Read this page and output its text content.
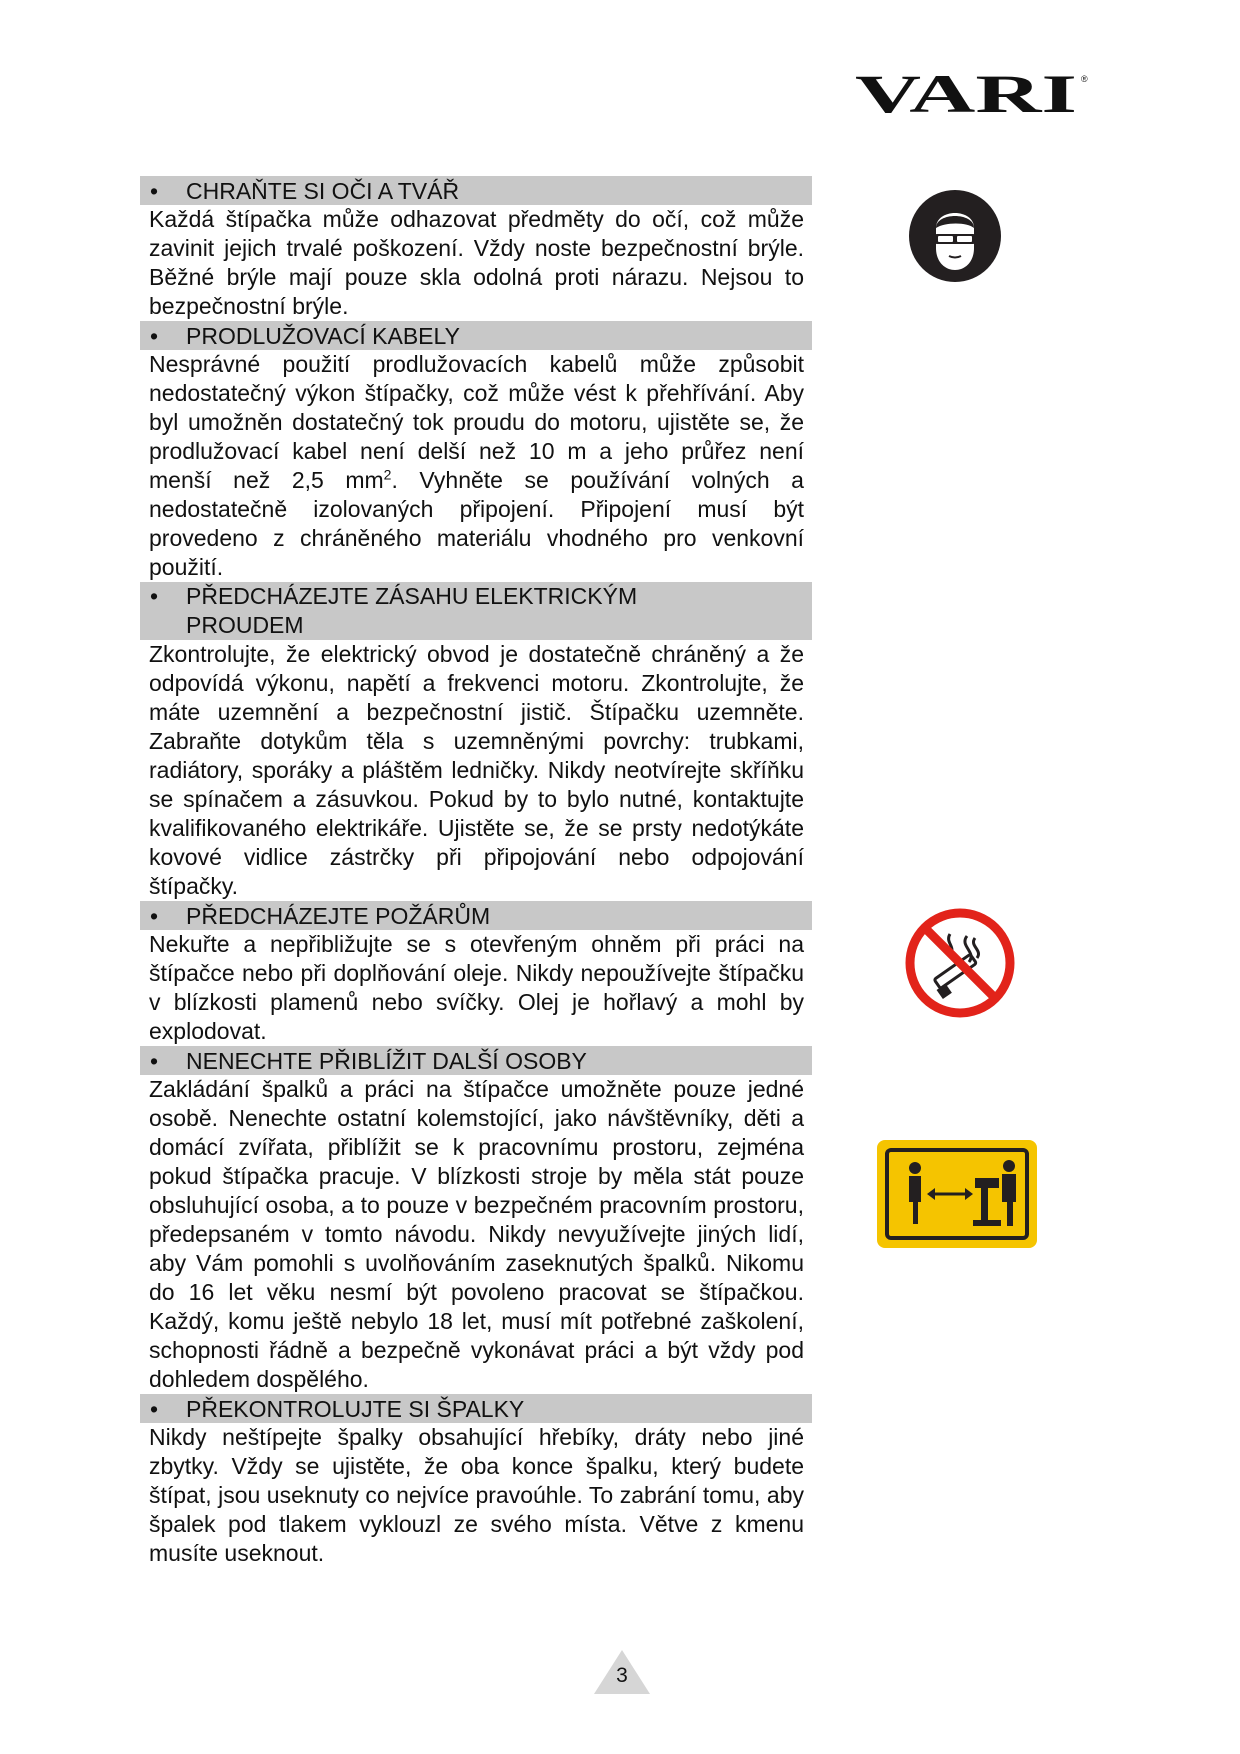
VARI ®
• CHRAŇTE SI OČI A TVÁŘ
Každá štípačka může odhazovat předměty do očí, což může zavinit jejich trvalé poškození. Vždy noste bezpečnostní brýle. Běžné brýle mají pouze skla odolná proti nárazu. Nejsou to bezpečnostní brýle.
• PRODLUŽOVACÍ KABELY
Nesprávné použití prodlužovacích kabelů může způsobit nedostatečný výkon štípačky, což může vést k přehřívání. Aby byl umožněn dostatečný tok proudu do motoru, ujistěte se, že prodlužovací kabel není delší než 10 m a jeho průřez není menší než 2,5 $mm^2$. Vyhněte se používání volných a nedostatečně izolovaných připojení. Připojení musí být provedeno z chráněného materiálu vhodného pro venkovní použití.
• PŘEDCHÁZEJTE ZÁSAHU ELEKTRICKÝM
PROUDEM
Zkontrolujte, že elektrický obvod je dostatečně chráněný a že odpovídá výkonu, napětí a frekvenci motoru. Zkontrolujte, že máte uzemnění a bezpečnostní jistič. Štípačku uzemněte. Zabraňte dotykům těla s uzemněnými povrchy: trubkami, radiátory, sporáky a pláštěm ledničky. Nikdy neotvírejte skříňku se spínačem a zásuvkou. Pokud by to bylo nutné, kontaktujte kvalifikovaného elektrikáře. Ujistěte se, že se prsty nedotýkáte kovové vidlice zástrčky při připojování nebo odpojování štípačky.
• PŘEDCHÁZEJTE POŽÁRŮM
Nekuřte a nepřibližujte se s otevřeným ohněm při práci na štípačce nebo při doplňování oleje. Nikdy nepoužívejte štípačku v blízkosti plamenů nebo svíčky. Olej je hořlavý a mohl by explodovat.
• NENECHTE PŘIBLÍŽIT DALŠÍ OSOBY
Zakládání špalků a práci na štípačce umožněte pouze jedné osobě. Nenechte ostatní kolemstojící, jako návštěvníky, děti a domácí zvířata, přiblížit se k pracovnímu prostoru, zejména pokud štípačka pracuje. V blízkosti stroje by měla stát pouze obsluhující osoba, a to pouze v bezpečném pracovním prostoru, předepsaném v tomto návodu. Nikdy nevyužívejte jiných lidí, aby Vám pomohli s uvolňováním zaseknutých špalků. Nikomu do 16 let věku nesmí být povoleno pracovat se štípačkou. Každý, komu ještě nebylo 18 let, musí mít potřebné zaškolení, schopnosti řádně a bezpečně vykonávat práci a být vždy pod dohledem dospělého.
• PŘEKONTROLUJTE SI ŠPALKY
Nikdy neštípejte špalky obsahující hřebíky, dráty nebo jiné zbytky. Vždy se ujistěte, že oba konce špalku, který budete štípat, jsou useknuty co nejvíce pravoúhle. To zabrání tomu, aby špalek pod tlakem vyklouzl ze svého místa. Větve z kmenu musíte useknout.
3
